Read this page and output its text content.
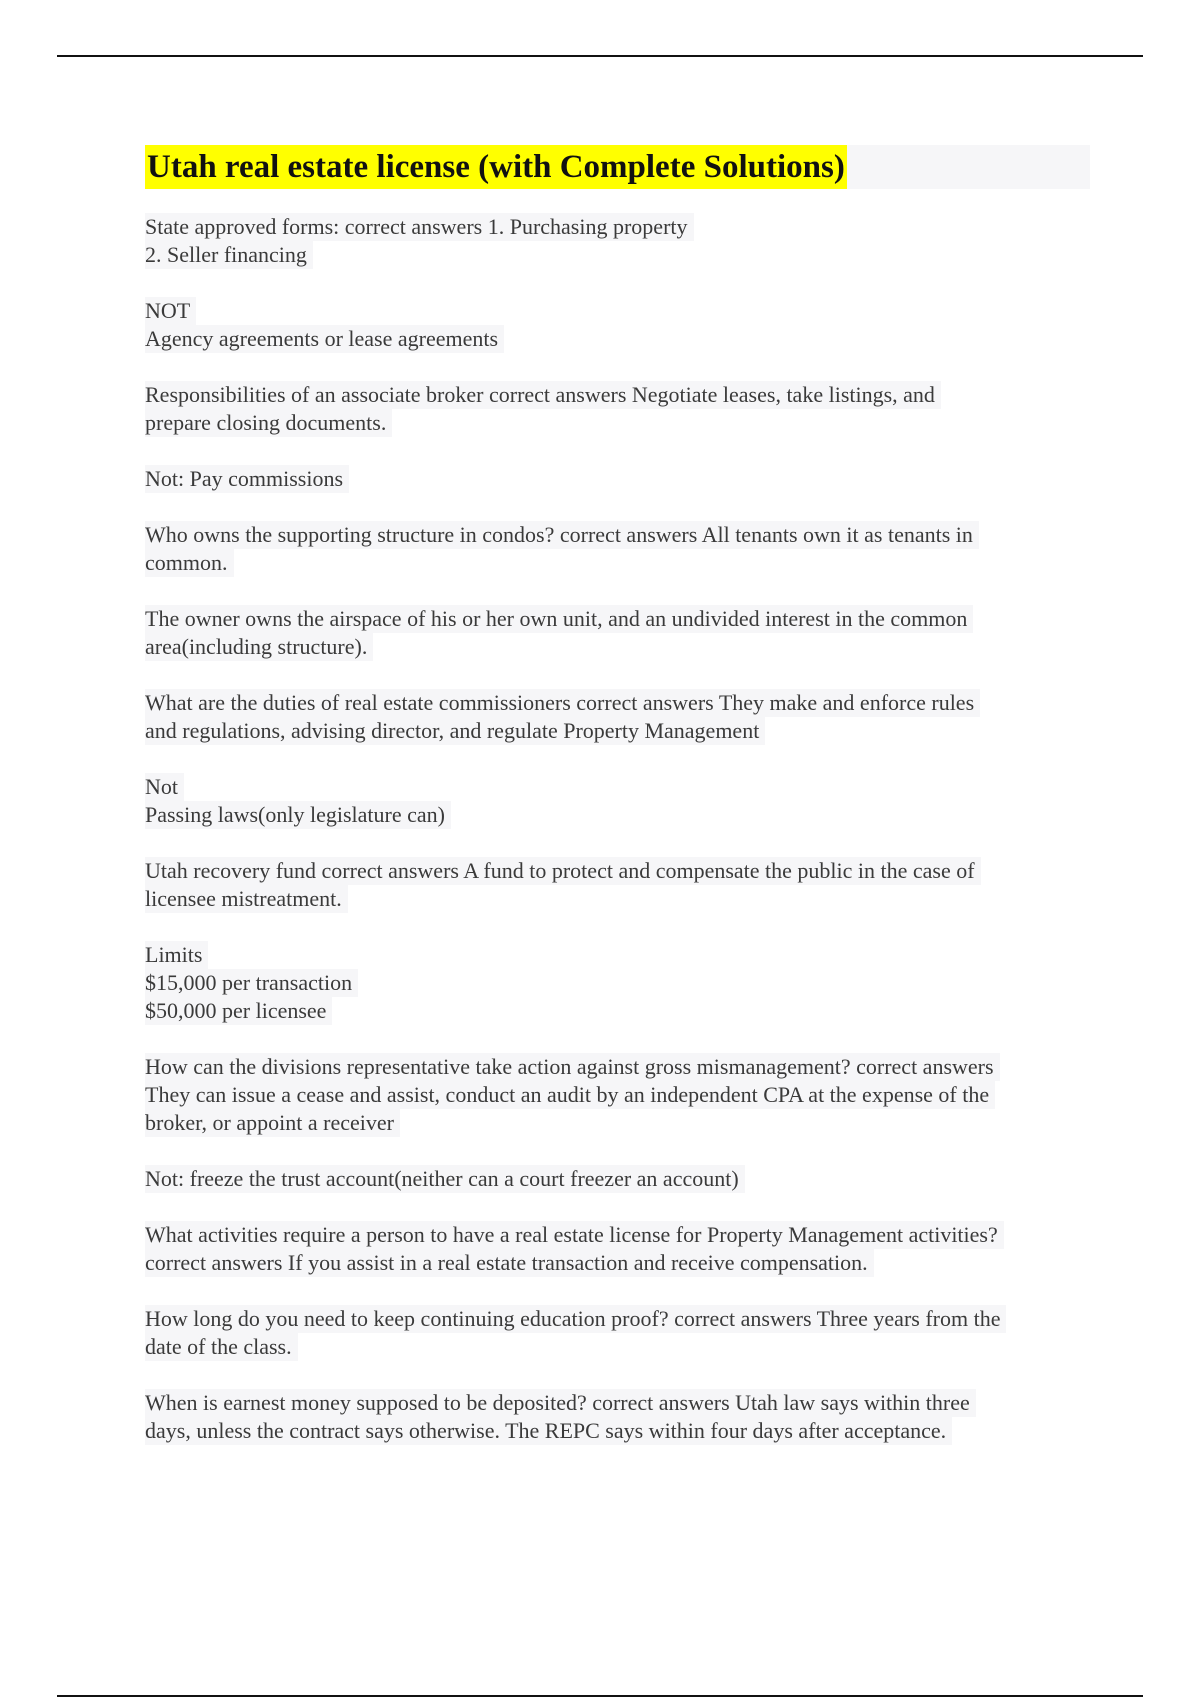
Utah real estate license (with Complete Solutions)

State approved forms: correct answers 1. Purchasing property
2. Seller financing

NOT
Agency agreements or lease agreements

Responsibilities of an associate broker correct answers Negotiate leases, take listings, and
prepare closing documents.

Not: Pay commissions

Who owns the supporting structure in condos? correct answers All tenants own it as tenants in
common.

The owner owns the airspace of his or her own unit, and an undivided interest in the common
area(including structure).

What are the duties of real estate commissioners correct answers They make and enforce rules
and regulations, advising director, and regulate Property Management

Not
Passing laws(only legislature can)

Utah recovery fund correct answers A fund to protect and compensate the public in the case of
licensee mistreatment.

Limits
$15,000 per transaction
$50,000 per licensee

How can the divisions representative take action against gross mismanagement? correct answers
They can issue a cease and assist, conduct an audit by an independent CPA at the expense of the
broker, or appoint a receiver

Not: freeze the trust account(neither can a court freezer an account)

What activities require a person to have a real estate license for Property Management activities?
correct answers If you assist in a real estate transaction and receive compensation.

How long do you need to keep continuing education proof? correct answers Three years from the
date of the class.

When is earnest money supposed to be deposited? correct answers Utah law says within three
days, unless the contract says otherwise. The REPC says within four days after acceptance.
